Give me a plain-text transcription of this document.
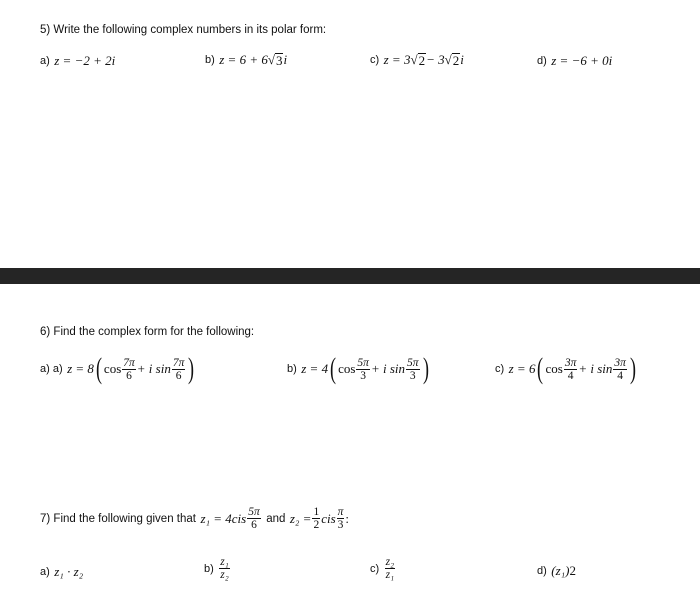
5) Write the following complex numbers in its polar form:
a)
z = −2 + 2i	b)
z = 6 + 6 √ 3 i	c)
z = 3 √ 2 − 3 √ 2 i	d)
z = −6 + 0i
6) Find the complex form for the following:
a) a)
z = 8 ( $\cos \frac{7\pi}{6} + i$ $\sin \frac{7\pi}{6}$ )	b)
z = 4 ( $\cos \frac{5\pi}{3} + i$ $\sin \frac{5\pi}{3}$ )	c)
z = 6 ( $\cos \frac{3\pi}{4} + i$ $\sin \frac{3\pi}{4}$ )
7) Find the following given that
$z_1 = 4cis \frac{5\pi}{6}$
and
$z_2 = \frac{1}{2}$ cis $\frac{\pi}{3}$ :
a)
z₁ · z₂	b)
$\frac{\text{z₁}}{\text{z₂}}$	c)
$\frac{\text{z₂}}{\text{z₁}}$	d)
(z₁) 2
